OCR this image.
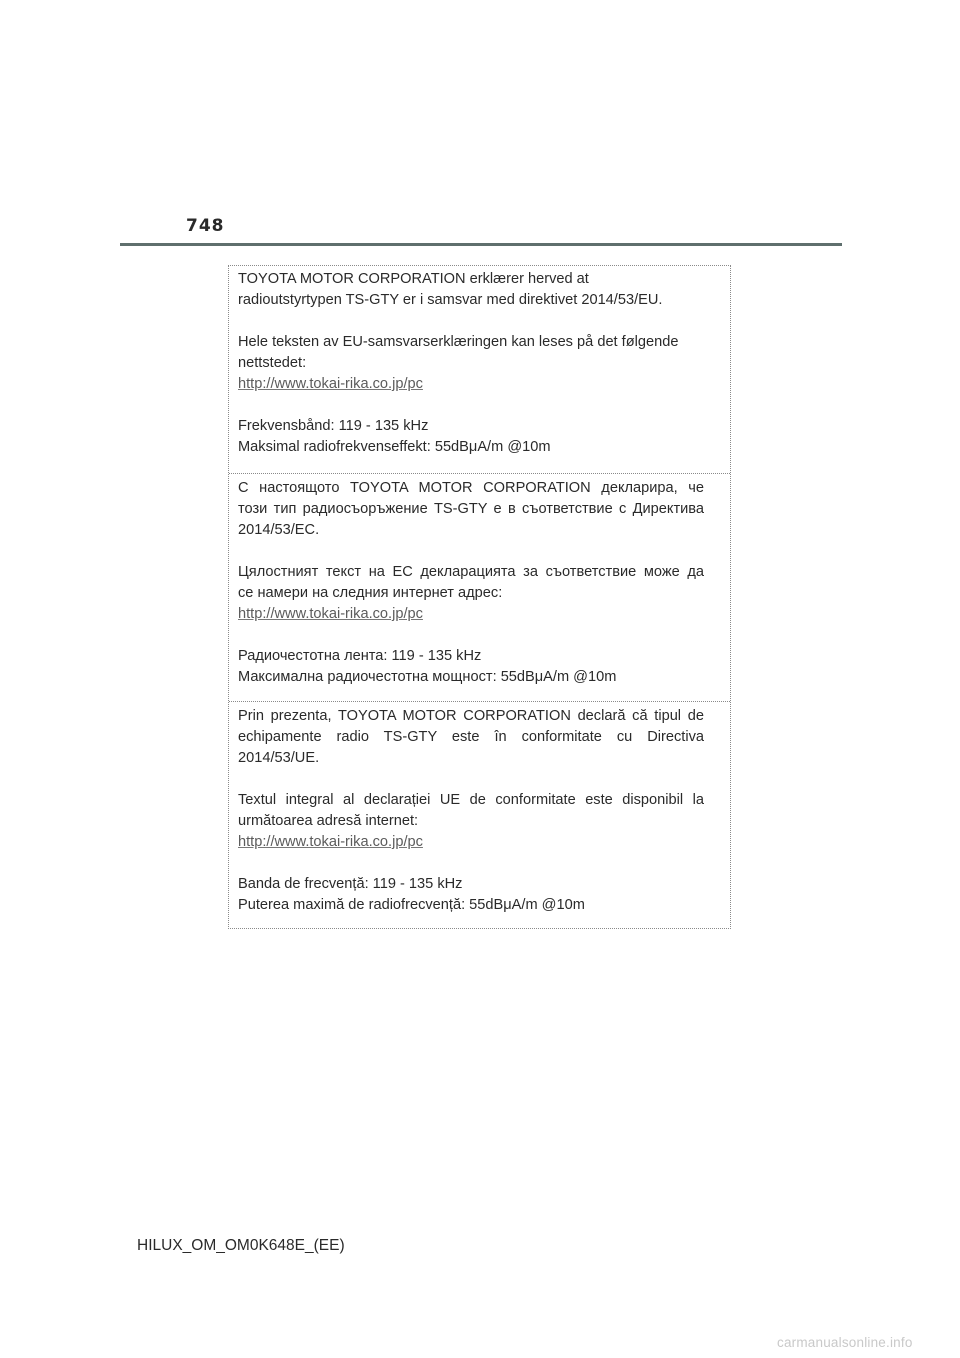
748

TOYOTA MOTOR CORPORATION erklærer herved at
radioutstyrtypen TS-GTY er i samsvar med direktivet 2014/53/EU.

Hele teksten av EU-samsvarserklæringen kan leses på det følgende
nettstedet:
http://www.tokai-rika.co.jp/pc

Frekvensbånd: 119 - 135 kHz
Maksimal radiofrekvenseffekt: 55dBμA/m @10m

С настоящото TOYOTA MOTOR CORPORATION декларира, че
този тип радиосъоръжение TS-GTY е в съответствие с Директива
2014/53/ЕС.

Цялостният текст на ЕС декларацията за съответствие може да
се намери на следния интернет адрес:
http://www.tokai-rika.co.jp/pc

Радиочестотна лента: 119 - 135 kHz
Максимална радиочестотна мощност: 55dBμA/m @10m

Prin prezenta, TOYOTA MOTOR CORPORATION declară că tipul de
echipamente radio TS-GTY este în conformitate cu Directiva
2014/53/UE.

Textul integral al declarației UE de conformitate este disponibil la
următoarea adresă internet:
http://www.tokai-rika.co.jp/pc

Banda de frecvență: 119 - 135 kHz
Puterea maximă de radiofrecvență: 55dBμA/m @10m

HILUX_OM_OM0K648E_(EE)
carmanualsonline.info
